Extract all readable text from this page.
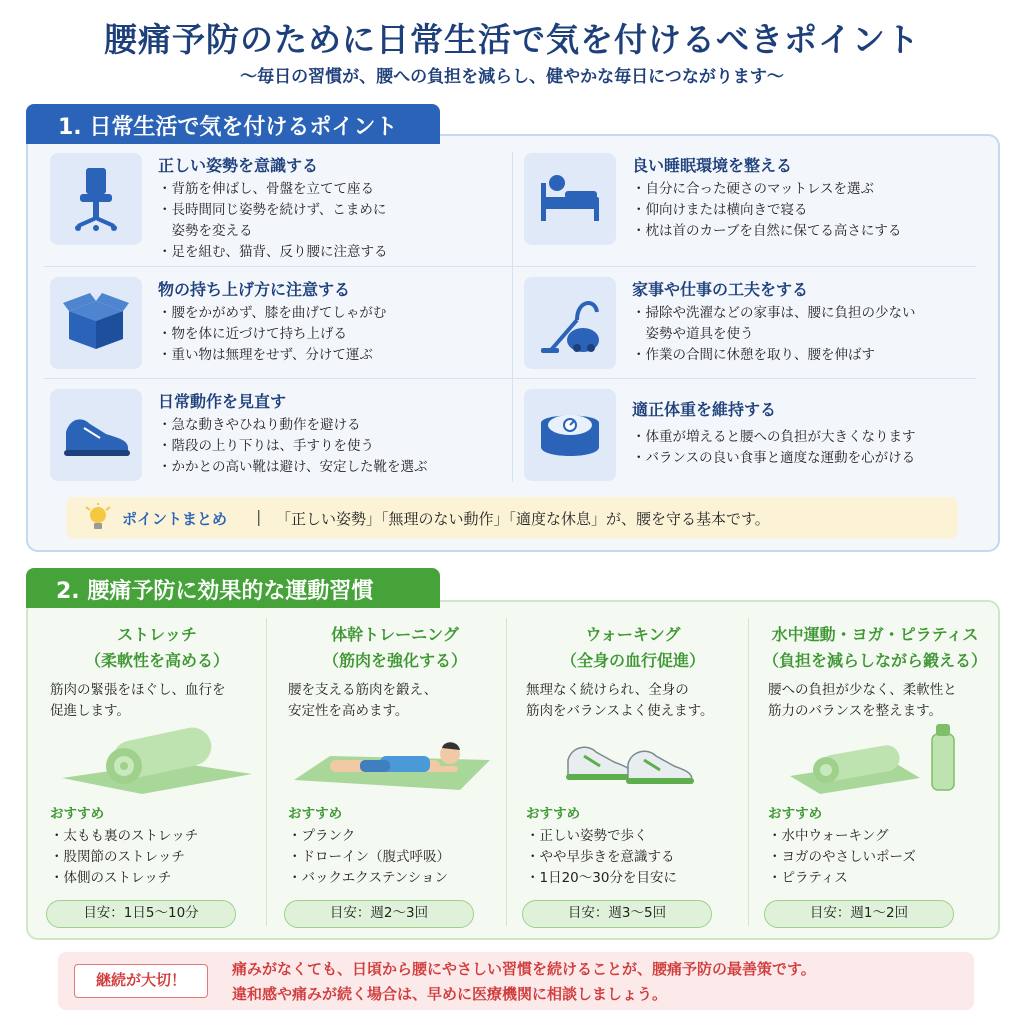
腰痛予防のために日常生活で気を付けるべきポイント
〜毎日の習慣が、腰への負担を減らし、健やかな毎日につながります〜
1. 日常生活で気を付けるポイント
正しい姿勢を意識する
・背筋を伸ばし、骨盤を立てて座る
・長時間同じ姿勢を続けず、こまめに
　姿勢を変える
・足を組む、猫背、反り腰に注意する
良い睡眠環境を整える
・自分に合った硬さのマットレスを選ぶ
・仰向けまたは横向きで寝る
・枕は首のカーブを自然に保てる高さにする
物の持ち上げ方に注意する
・腰をかがめず、膝を曲げてしゃがむ
・物を体に近づけて持ち上げる
・重い物は無理をせず、分けて運ぶ
家事や仕事の工夫をする
・掃除や洗濯などの家事は、腰に負担の少ない
　姿勢や道具を使う
・作業の合間に休憩を取り、腰を伸ばす
日常動作を見直す
・急な動きやひねり動作を避ける
・階段の上り下りは、手すりを使う
・かかとの高い靴は避け、安定した靴を選ぶ
適正体重を維持する
・体重が増えると腰への負担が大きくなります
・バランスの良い食事と適度な運動を心がける
ポイントまとめ | 「正しい姿勢」「無理のない動作」「適度な休息」が、腰を守る基本です。
2. 腰痛予防に効果的な運動習慣
ストレッチ
（柔軟性を高める）
筋肉の緊張をほぐし、血行を
促進します。
おすすめ
・太もも裏のストレッチ
・股関節のストレッチ
・体側のストレッチ
目安：1日5〜10分
体幹トレーニング
（筋肉を強化する）
腰を支える筋肉を鍛え、
安定性を高めます。
おすすめ
・プランク
・ドローイン（腹式呼吸）
・バックエクステンション
目安：週2〜3回
ウォーキング
（全身の血行促進）
無理なく続けられ、全身の
筋肉をバランスよく使えます。
おすすめ
・正しい姿勢で歩く
・やや早歩きを意識する
・1日20〜30分を目安に
目安：週3〜5回
水中運動・ヨガ・ピラティス
（負担を減らしながら鍛える）
腰への負担が少なく、柔軟性と
筋力のバランスを整えます。
おすすめ
・水中ウォーキング
・ヨガのやさしいポーズ
・ピラティス
目安：週1〜2回
継続が大切！
痛みがなくても、日頃から腰にやさしい習慣を続けることが、腰痛予防の最善策です。
違和感や痛みが続く場合は、早めに医療機関に相談しましょう。
